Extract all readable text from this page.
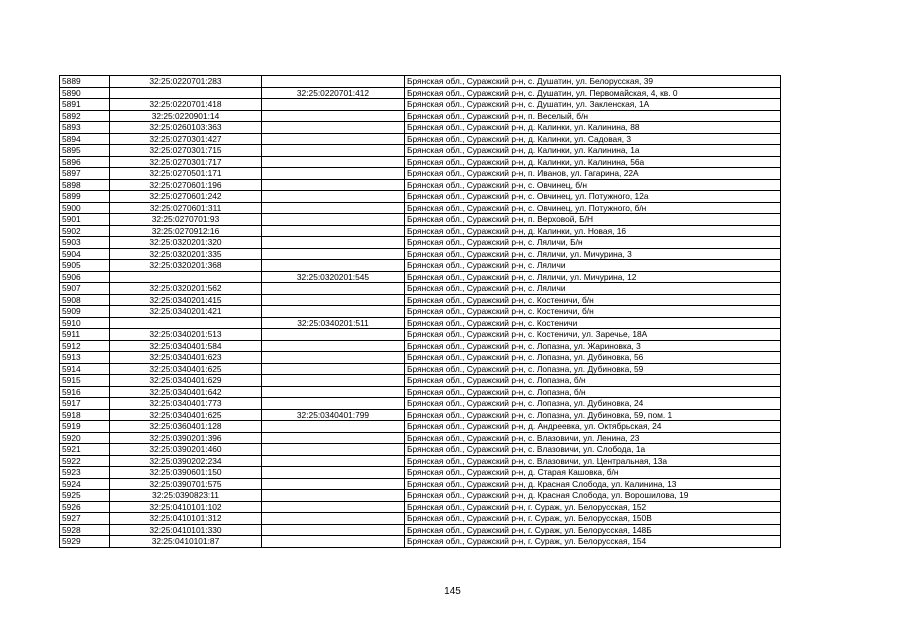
5889	32:25:0220701:283		Брянская обл., Суражский р-н, с. Душатин, ул. Белорусская, 39
5890		32:25:0220701:412	Брянская обл., Суражский р-н, с. Душатин, ул. Первомайская, 4, кв. 0
5891	32:25:0220701:418		Брянская обл., Суражский р-н, с. Душатин, ул. Закленская, 1А
5892	32:25:0220901:14		Брянская обл., Суражский р-н, п. Веселый, б/н
5893	32:25:0260103:363		Брянская обл., Суражский р-н, д. Калинки, ул. Калинина, 88
5894	32:25:0270301:427		Брянская обл., Суражский р-н, д. Калинки, ул. Садовая, 3
5895	32:25:0270301:715		Брянская обл., Суражский р-н, д. Калинки, ул. Калинина, 1а
5896	32:25:0270301:717		Брянская обл., Суражский р-н, д. Калинки, ул. Калинина, 56а
5897	32:25:0270501:171		Брянская обл., Суражский р-н, п. Иванов, ул. Гагарина, 22А
5898	32:25:0270601:196		Брянская обл., Суражский р-н, с. Овчинец, б/н
5899	32:25:0270601:242		Брянская обл., Суражский р-н, с. Овчинец, ул. Потужного, 12а
5900	32:25:0270601:311		Брянская обл., Суражский р-н, с. Овчинец, ул. Потужного, б/н
5901	32:25:0270701:93		Брянская обл., Суражский р-н, п. Верховой, Б/Н
5902	32:25:0270912:16		Брянская обл., Суражский р-н, д. Калинки, ул. Новая, 16
5903	32:25:0320201:320		Брянская обл., Суражский р-н, с. Ляличи, Б/н
5904	32:25:0320201:335		Брянская обл., Суражский р-н, с. Ляличи, ул. Мичурина, 3
5905	32:25:0320201:368		Брянская обл., Суражский р-н, с. Ляличи
5906		32:25:0320201:545	Брянская обл., Суражский р-н, с. Ляличи, ул. Мичурина, 12
5907	32:25:0320201:562		Брянская обл., Суражский р-н, с. Ляличи
5908	32:25:0340201:415		Брянская обл., Суражский р-н, с. Костеничи, б/н
5909	32:25:0340201:421		Брянская обл., Суражский р-н, с. Костеничи, б/н
5910		32:25:0340201:511	Брянская обл., Суражский р-н, с. Костеничи
5911	32:25:0340201:513		Брянская обл., Суражский р-н, с. Костеничи, ул. Заречье, 18А
5912	32:25:0340401:584		Брянская обл., Суражский р-н, с. Лопазна, ул. Жариновка, 3
5913	32:25:0340401:623		Брянская обл., Суражский р-н, с. Лопазна, ул. Дубиновка, 56
5914	32:25:0340401:625		Брянская обл., Суражский р-н, с. Лопазна, ул. Дубиновка, 59
5915	32:25:0340401:629		Брянская обл., Суражский р-н, с. Лопазна, б/н
5916	32:25:0340401:642		Брянская обл., Суражский р-н, с. Лопазна, б/н
5917	32:25:0340401:773		Брянская обл., Суражский р-н, с. Лопазна, ул. Дубиновка, 24
5918	32:25:0340401:625	32:25:0340401:799	Брянская обл., Суражский р-н, с. Лопазна, ул. Дубиновка, 59, пом. 1
5919	32:25:0360401:128		Брянская обл., Суражский р-н, д. Андреевка, ул. Октябрьская, 24
5920	32:25:0390201:396		Брянская обл., Суражский р-н, с. Влазовичи, ул. Ленина, 23
5921	32:25:0390201:460		Брянская обл., Суражский р-н, с. Влазовичи, ул. Слобода, 1а
5922	32:25:0390202:234		Брянская обл., Суражский р-н, с. Влазовичи, ул. Центральная, 13а
5923	32:25:0390601:150		Брянская обл., Суражский р-н, д. Старая Кашовка, б/н
5924	32:25:0390701:575		Брянская обл., Суражский р-н, д. Красная Слобода, ул. Калинина, 13
5925	32:25:0390823:11		Брянская обл., Суражский р-н, д. Красная Слобода, ул. Ворошилова, 19
5926	32:25:0410101:102		Брянская обл., Суражский р-н, г. Сураж, ул. Белорусская, 152
5927	32:25:0410101:312		Брянская обл., Суражский р-н, г. Сураж, ул. Белорусская, 150В
5928	32:25:0410101:330		Брянская обл., Суражский р-н, г. Сураж, ул. Белорусская, 148Б
5929	32:25:0410101:87		Брянская обл., Суражский р-н, г. Сураж, ул. Белорусская, 154
145
